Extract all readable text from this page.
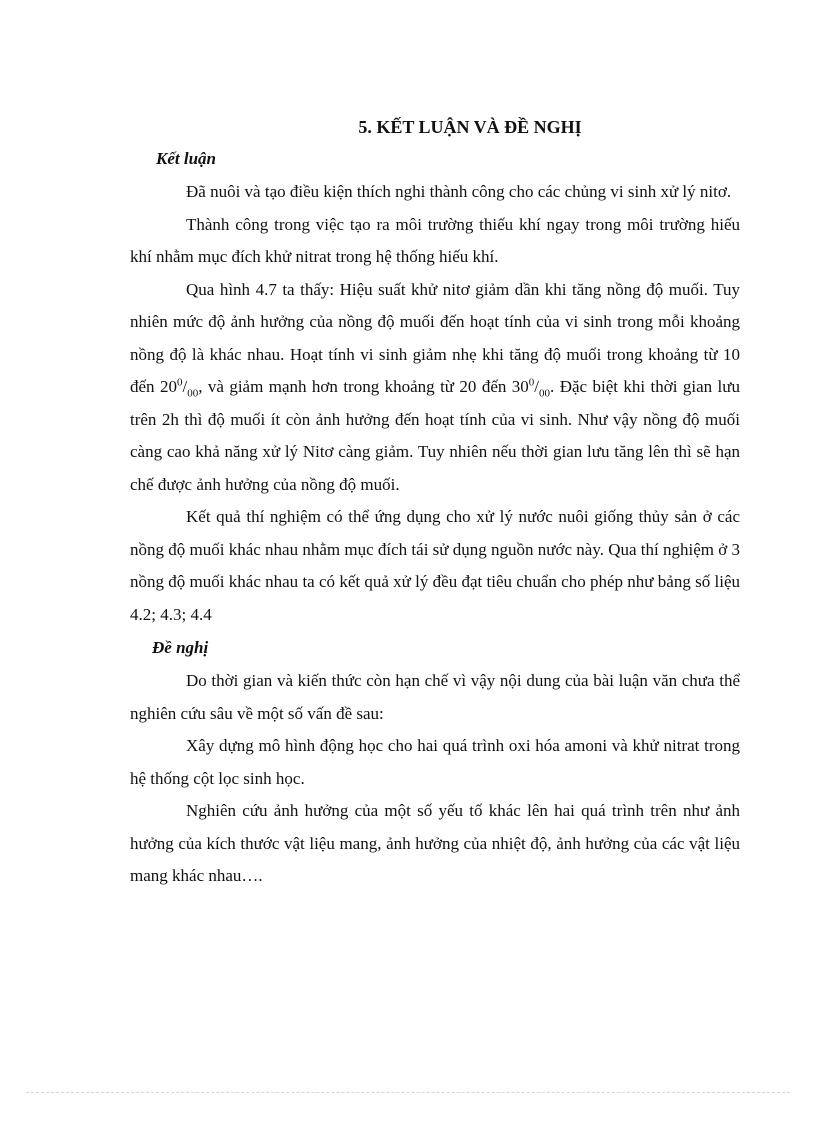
5. KẾT LUẬN VÀ ĐỀ NGHỊ
Kết luận

Đã nuôi và tạo điều kiện thích nghi thành công cho các chủng vi sinh xử lý nitơ.

Thành công trong việc tạo ra môi trường thiếu khí ngay trong môi trường hiếu khí nhằm mục đích khử nitrat trong hệ thống hiếu khí.

Qua hình 4.7 ta thấy: Hiệu suất khử nitơ giảm dần khi tăng nồng độ muối. Tuy nhiên mức độ ảnh hưởng của nồng độ muối đến hoạt tính của vi sinh trong mỗi khoảng nồng độ là khác nhau. Hoạt tính vi sinh giảm nhẹ khi tăng độ muối trong khoảng từ 10 đến $20^0/_{00}$, và giảm mạnh hơn trong khoảng từ 20 đến $30^0/_{00}$. Đặc biệt khi thời gian lưu trên 2h thì độ muối ít còn ảnh hưởng đến hoạt tính của vi sinh. Như vậy nồng độ muối càng cao khả năng xử lý Nitơ càng giảm. Tuy nhiên nếu thời gian lưu tăng lên thì sẽ hạn chế được ảnh hưởng của nồng độ muối.

Kết quả thí nghiệm có thể ứng dụng cho xử lý nước nuôi giống thủy sản ở các nồng độ muối khác nhau nhằm mục đích tái sử dụng nguồn nước này. Qua thí nghiệm ở 3 nồng độ muối khác nhau ta có kết quả xử lý đều đạt tiêu chuẩn cho phép như bảng số liệu 4.2; 4.3; 4.4

Đề nghị

Do thời gian và kiến thức còn hạn chế vì vậy nội dung của bài luận văn chưa thể nghiên cứu sâu về một số vấn đề sau:

Xây dựng mô hình động học cho hai quá trình oxi hóa amoni và khử nitrat trong hệ thống cột lọc sinh học.

Nghiên cứu ảnh hưởng của một số yếu tố khác lên hai quá trình trên như ảnh hưởng của kích thước vật liệu mang, ảnh hưởng của nhiệt độ, ảnh hưởng của các vật liệu mang khác nhau….
